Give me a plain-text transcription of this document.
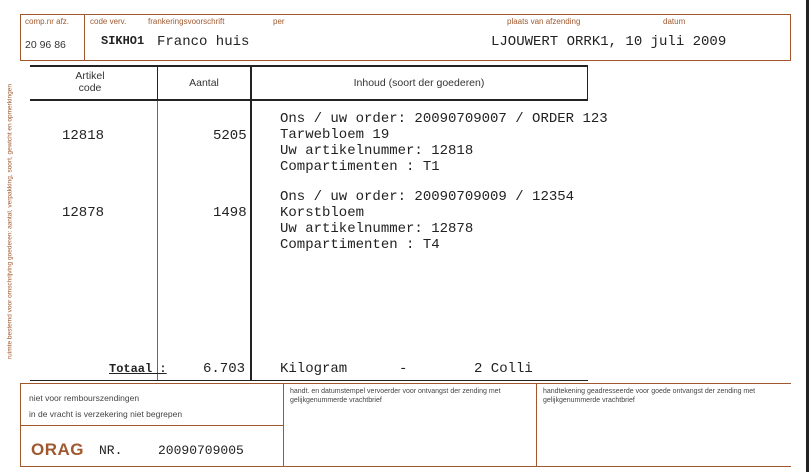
comp.nr afz.
20 96 86
code verv.
SIKHO1
frankeringsvoorschrift
Franco huis
per	plaats van afzending	datum
LJOUWERT ORRK1, 10 juli 2009
ruimte bestemd voor omschrijving goederen: aantal, verpakking, soort, gewicht en opmerkingen
Artikel
code	Aantal	Inhoud (soort der goederen)
12818	5205
Ons / uw order: 20090709007 / ORDER 123
Tarwebloem 19
Uw artikelnummer: 12818
Compartimenten : T1
12878	1498
Ons / uw order: 20090709009 / 12354
Korstbloem
Uw artikelnummer: 12878
Compartimenten : T4
Totaal :	6.703 Kilogram	-	2 Colli
niet voor rembourszendingen
in de vracht is verzekering niet begrepen
handt. en datumstempel vervoerder voor ontvangst der zending met gelijkgenummerde vrachtbrief
handtekening geadresseerde voor goede ontvangst der zending met gelijkgenummerde vrachtbrief
ORAG NR.	20090709005
